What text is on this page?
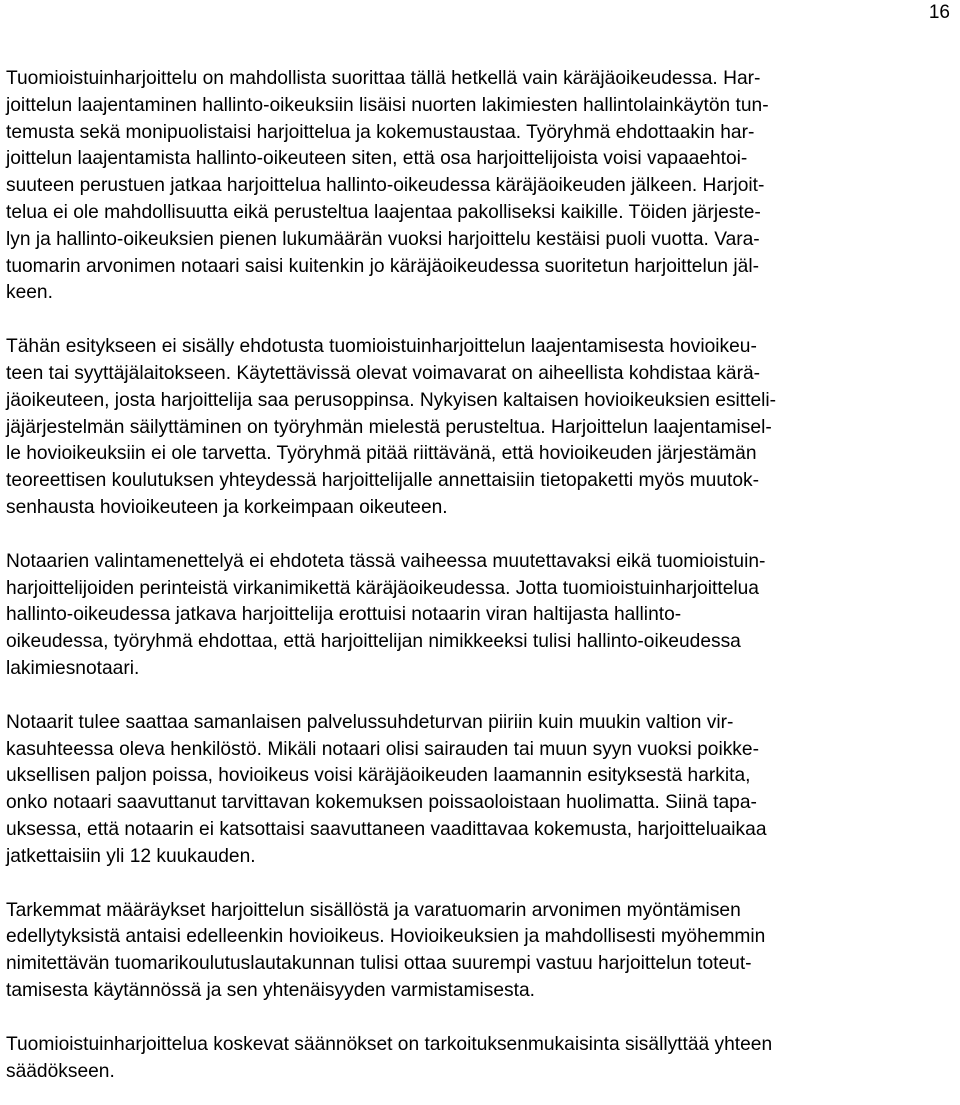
16

Tuomioistuinharjoittelu on mahdollista suorittaa tällä hetkellä vain käräjäoikeudessa. Har-
joittelun laajentaminen hallinto-oikeuksiin lisäisi nuorten lakimiesten hallintolainkäytön tun-
temusta sekä monipuolistaisi harjoittelua ja kokemustaustaa. Työryhmä ehdottaakin har-
joittelun laajentamista hallinto-oikeuteen siten, että osa harjoittelijoista voisi vapaaehtoi-
suuteen perustuen jatkaa harjoittelua hallinto-oikeudessa käräjäoikeuden jälkeen. Harjoit-
telua ei ole mahdollisuutta eikä perusteltua laajentaa pakolliseksi kaikille. Töiden järjeste-
lyn ja hallinto-oikeuksien pienen lukumäärän vuoksi harjoittelu kestäisi puoli vuotta. Vara-
tuomarin arvonimen notaari saisi kuitenkin jo käräjäoikeudessa suoritetun harjoittelun jäl-
keen.

Tähän esitykseen ei sisälly ehdotusta tuomioistuinharjoittelun laajentamisesta hovioikeu-
teen tai syyttäjälaitokseen. Käytettävissä olevat voimavarat on aiheellista kohdistaa kärä-
jäoikeuteen, josta harjoittelija saa perusoppinsa. Nykyisen kaltaisen hovioikeuksien esitteli-
jäjärjestelmän säilyttäminen on työryhmän mielestä perusteltua. Harjoittelun laajentamisel-
le hovioikeuksiin ei ole tarvetta. Työryhmä pitää riittävänä, että hovioikeuden järjestämän
teoreettisen koulutuksen yhteydessä harjoittelijalle annettaisiin tietopaketti myös muutok-
senhausta hovioikeuteen ja korkeimpaan oikeuteen.

Notaarien valintamenettelyä ei ehdoteta tässä vaiheessa muutettavaksi eikä tuomioistuin-
harjoittelijoiden perinteistä virkanimikettä käräjäoikeudessa. Jotta tuomioistuinharjoittelua
hallinto-oikeudessa jatkava harjoittelija erottuisi notaarin viran haltijasta hallinto-
oikeudessa, työryhmä ehdottaa, että harjoittelijan nimikkeeksi tulisi hallinto-oikeudessa
lakimiesnotaari.

Notaarit tulee saattaa samanlaisen palvelussuhdeturvan piiriin kuin muukin valtion vir-
kasuhteessa oleva henkilöstö. Mikäli notaari olisi sairauden tai muun syyn vuoksi poikke-
uksellisen paljon poissa, hovioikeus voisi käräjäoikeuden laamannin esityksestä harkita,
onko notaari saavuttanut tarvittavan kokemuksen poissaoloistaan huolimatta. Siinä tapa-
uksessa, että notaarin ei katsottaisi saavuttaneen vaadittavaa kokemusta, harjoitteluaikaa
jatkettaisiin yli 12 kuukauden.

Tarkemmat määräykset harjoittelun sisällöstä ja varatuomarin arvonimen myöntämisen
edellytyksistä antaisi edelleenkin hovioikeus. Hovioikeuksien ja mahdollisesti myöhemmin
nimitettävän tuomarikoulutuslautakunnan tulisi ottaa suurempi vastuu harjoittelun toteut-
tamisesta käytännössä ja sen yhtenäisyyden varmistamisesta.

Tuomioistuinharjoittelua koskevat säännökset on tarkoituksenmukaisinta sisällyttää yhteen
säädökseen.
